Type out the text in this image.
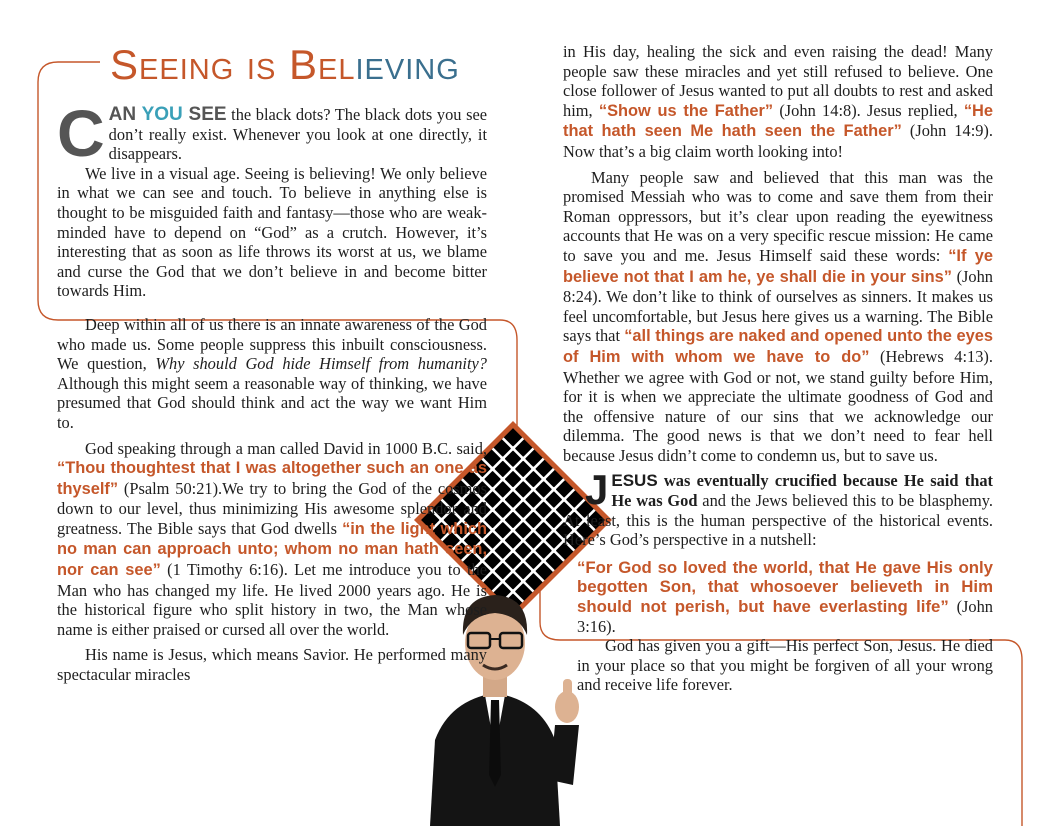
Seeing is Believing

CAN YOU SEE the black dots? The black dots you see don’t really exist. Whenever you look at one directly, it disappears.

We live in a visual age. Seeing is believing! We only believe in what we can see and touch. To believe in anything else is thought to be misguided faith and fantasy—those who are weak-minded have to depend on “God” as a crutch. However, it’s interesting that as soon as life throws its worst at us, we blame and curse the God that we don’t believe in and become bitter towards Him.

Deep within all of us there is an innate awareness of the God who made us. Some people suppress this inbuilt consciousness. We question, Why should God hide Himself from humanity? Although this might seem a reasonable way of thinking, we have presumed that God should think and act the way we want Him to.

God speaking through a man called David in 1000 B.C. said, “Thou thoughtest that I was altogether such an one as thyself” (Psalm 50:21).We try to bring the God of the cosmos down to our level, thus minimizing His awesome splendor and greatness. The Bible says that God dwells “in the light which no man can approach unto; whom no man hath seen, nor can see” (1 Timothy 6:16). Let me introduce you to the Man who has changed my life. He lived 2000 years ago. He is the historical figure who split history in two, the Man whose name is either praised or cursed all over the world.

His name is Jesus, which means Savior. He performed many spectacular miracles

in His day, healing the sick and even raising the dead! Many people saw these miracles and yet still refused to believe. One close follower of Jesus wanted to put all doubts to rest and asked him, “Show us the Father” (John 14:8). Jesus replied, “He that hath seen Me hath seen the Father” (John 14:9). Now that’s a big claim worth looking into!

Many people saw and believed that this man was the promised Messiah who was to come and save them from their Roman oppressors, but it’s clear upon reading the eyewitness accounts that He was on a very specific rescue mission: He came to save you and me. Jesus Himself said these words: “If ye believe not that I am he, ye shall die in your sins” (John 8:24). We don’t like to think of ourselves as sinners. It makes us feel uncomfortable, but Jesus here gives us a warning. The Bible says that “all things are naked and opened unto the eyes of Him with whom we have to do” (Hebrews 4:13). Whether we agree with God or not, we stand guilty before Him, for it is when we appreciate the ultimate goodness of God and the offensive nature of our sins that we acknowledge our dilemma. The good news is that we don’t need to fear hell because Jesus didn’t come to condemn us, but to save us.

JESUS was eventually crucified because He said that He was God and the Jews believed this to be blasphemy. At least, this is the human perspective of the historical events. Here’s God’s perspective in a nutshell:

“For God so loved the world, that He gave His only begotten Son, that whosoever believeth in Him should not perish, but have everlasting life” (John 3:16).

God has given you a gift—His perfect Son, Jesus. He died in your place so that you might be forgiven of all your wrong and receive life forever.
